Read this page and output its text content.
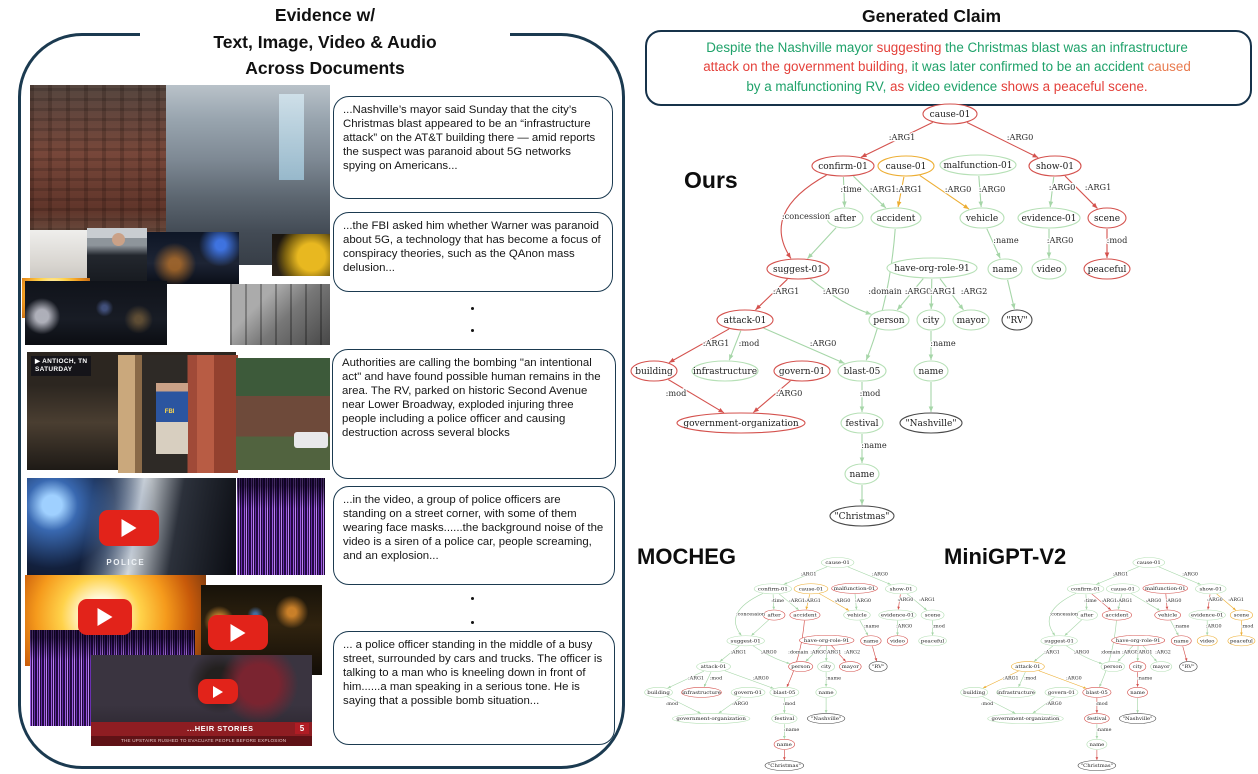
Evidence w/
Text, Image, Video & Audio
Across Documents
▶ ANTIOCH, TN
SATURDAY
FBI
POLICE
...HEIR STORIES
THE UPSTAIRS RUSHED TO EVACUATE PEOPLE BEFORE EXPLOSION
5
...Nashville’s mayor said Sunday that the city’s Christmas blast appeared to be an “infrastructure attack” on the AT&T building there — amid reports the suspect was paranoid about 5G networks spying on Americans...
...the FBI asked him whether Warner was paranoid about 5G, a technology that has become a focus of conspiracy theories, such as the QAnon mass delusion...
Authorities are calling the bombing "an intentional act" and have found possible human remains in the area. The RV, parked on historic Second Avenue near Lower Broadway, exploded injuring three people including a police officer and causing destruction across several blocks
...in the video, a group of police officers are standing on a street corner, with some of them wearing face masks......the background noise of the video is a siren of a police car, people screaming, and an explosion...
... a police officer standing in the middle of a busy street, surrounded by cars and trucks. The officer is talking to a man who is kneeling down in front of him......a man speaking in a serious tone. He is saying that a possible bomb situation...
Generated Claim
Despite the Nashville mayor suggesting the Christmas blast was an infrastructure
attack on the government building, it was later confirmed to be an accident caused
by a malfunctioning RV, as video evidence shows a peaceful scene.
Ours
MOCHEG	MiniGPT-V2
cause-01
confirm-01 cause-01 malfunction-01	show-01
after accident	vehicle	evidence-01 scene
suggest-01	have-org-role-91	name video	peaceful
attack-01	person city mayor "RV"
building infrastructure govern-01 blast-05	name
government-organization	festival	"Nashville"
name
"Christmas"
:ARG1	:ARG0
:time :ARG1
:concession
:ARG1	:ARG0 :ARG0	:ARG0 :ARG1
:name	:ARG0	:mod
:domain
:ARG1	:ARG0	:ARG0
:ARG1 :ARG2
:ARG1 :mod	:ARG0	:name
:mod	:ARG0	:mod
:name
cause-01
confirm-01 cause-01 malfunction-01 show-01
after accident	vehicle evidence-01 scene
suggest-01	have-org-role-91 name video peaceful
attack-01	person city mayor "RV"
building infrastructure govern-01 blast-05	name
government-organization	festival "Nashville"
name
"Christmas"
:ARG1	:ARG0
:time :ARG1
:concession
:ARG1 :ARG0 :ARG0	:ARG0 :ARG1
:name :ARG0 :mod
:domain
:ARG1 :ARG0	:ARG0 :ARG1 :ARG2
:ARG1 :mod	:ARG0	:name
:mod	:ARG0	:mod
:name
cause-01
confirm-01 cause-01 malfunction-01 show-01
after accident	vehicle evidence-01 scene
suggest-01	have-org-role-91 name video peaceful
attack-01	person city mayor "RV"
building infrastructure govern-01 blast-05	name
government-organization	festival "Nashville"
name
"Christmas"
:ARG1	:ARG0
:time :ARG1
:concession
:ARG1 :ARG0 :ARG0	:ARG0 :ARG1
:name :ARG0 :mod
:domain
:ARG1 :ARG0	:ARG0 :ARG1 :ARG2
:ARG1 :mod	:ARG0	:name
:mod	:ARG0	:mod
:name
